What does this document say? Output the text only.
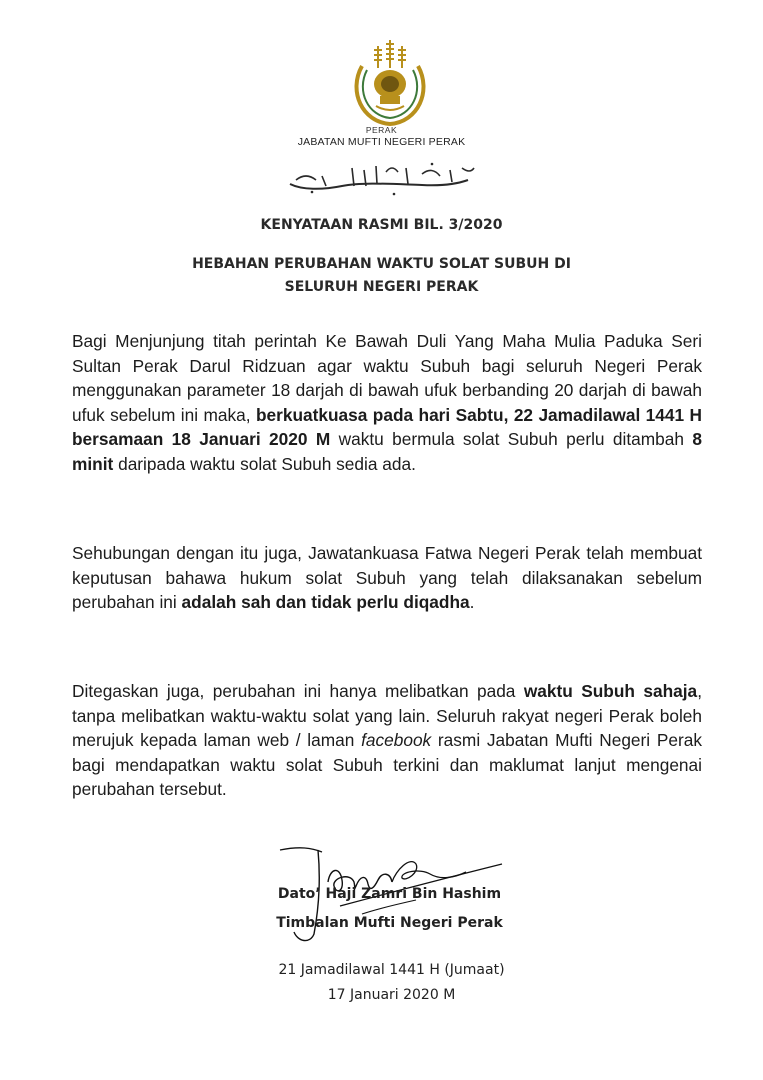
PERAK
JABATAN MUFTI NEGERI PERAK
KENYATAAN RASMI BIL. 3/2020
HEBAHAN PERUBAHAN WAKTU SOLAT SUBUH DI
SELURUH NEGERI PERAK
Bagi Menjunjung titah perintah Ke Bawah Duli Yang Maha Mulia Paduka Seri Sultan Perak Darul Ridzuan agar waktu Subuh bagi seluruh Negeri Perak menggunakan parameter 18 darjah di bawah ufuk berbanding 20 darjah di bawah ufuk sebelum ini maka, berkuatkuasa pada hari Sabtu, 22 Jamadilawal 1441 H bersamaan 18 Januari 2020 M waktu bermula solat Subuh perlu ditambah 8 minit daripada waktu solat Subuh sedia ada.
Sehubungan dengan itu juga, Jawatankuasa Fatwa Negeri Perak telah membuat keputusan bahawa hukum solat Subuh yang telah dilaksanakan sebelum perubahan ini adalah sah dan tidak perlu diqadha.
Ditegaskan juga, perubahan ini hanya melibatkan pada waktu Subuh sahaja, tanpa melibatkan waktu-waktu solat yang lain. Seluruh rakyat negeri Perak boleh merujuk kepada laman web / laman facebook rasmi Jabatan Mufti Negeri Perak bagi mendapatkan waktu solat Subuh terkini dan maklumat lanjut mengenai perubahan tersebut.
Dato’ Haji Zamri Bin Hashim
Timbalan Mufti Negeri Perak
21 Jamadilawal 1441 H (Jumaat)
17 Januari 2020 M
